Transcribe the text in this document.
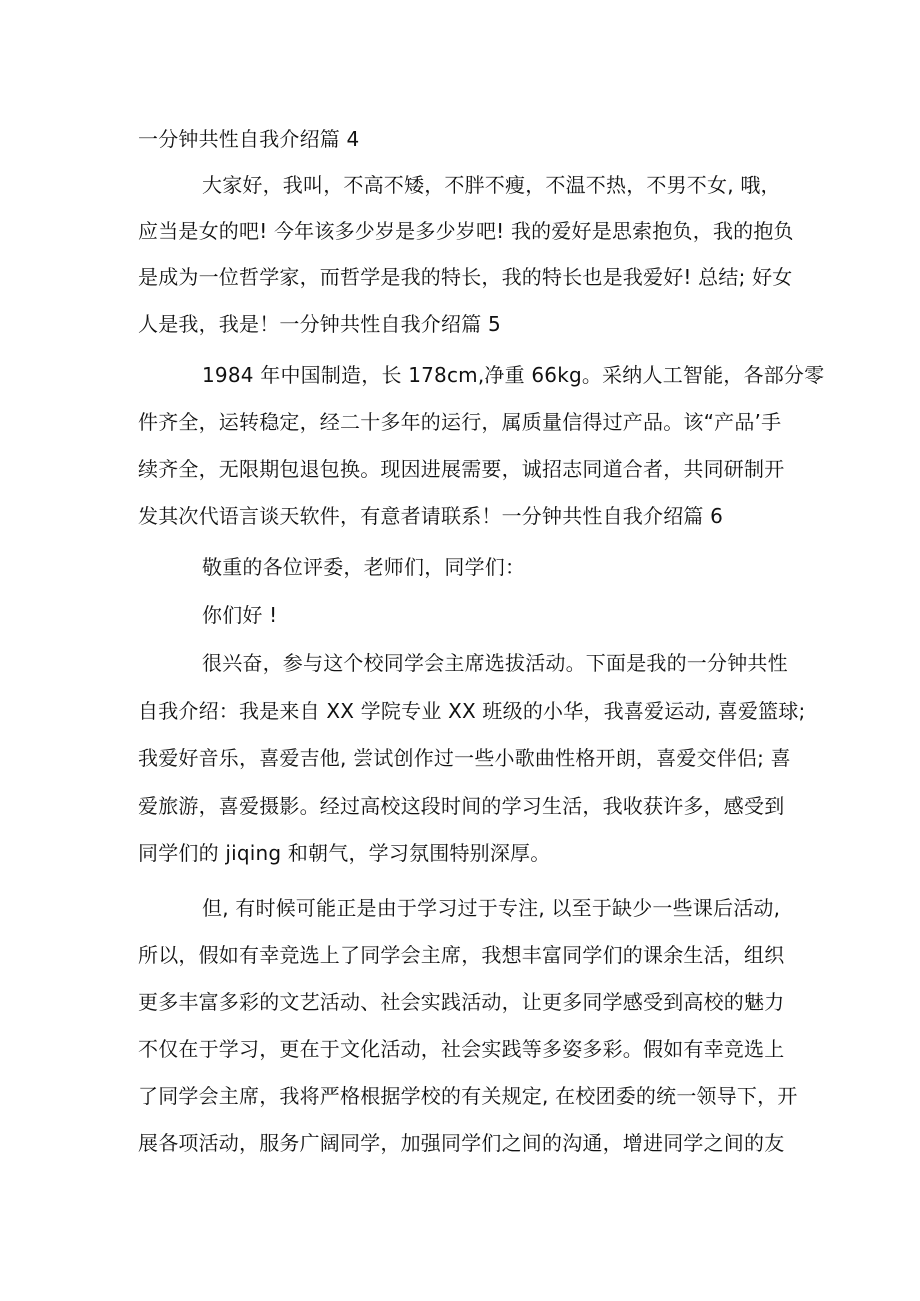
一分钟共性自我介绍篇 4
大家好，我叫，不高不矮，不胖不瘦，不温不热，不男不女, 哦，
应当是女的吧! 今年该多少岁是多少岁吧! 我的爱好是思索抱负，我的抱负
是成为一位哲学家，而哲学是我的特长，我的特长也是我爱好! 总结; 好女
人是我，我是！一分钟共性自我介绍篇 5
1984 年中国制造，长 178cm,净重 66kg。采纳人工智能，各部分零
件齐全，运转稳定，经二十多年的运行，属质量信得过产品。该“产品’手
续齐全，无限期包退包换。现因进展需要，诚招志同道合者，共同研制开
发其次代语言谈天软件，有意者请联系！一分钟共性自我介绍篇 6
敬重的各位评委，老师们，同学们：
你们好 !
很兴奋，参与这个校同学会主席选拔活动。下面是我的一分钟共性
自我介绍：我是来自 XX 学院专业 XX 班级的小华，我喜爱运动, 喜爱篮球;
我爱好音乐，喜爱吉他, 尝试创作过一些小歌曲性格开朗，喜爱交伴侣; 喜
爱旅游，喜爱摄影。经过高校这段时间的学习生活，我收获许多，感受到
同学们的 jiqing 和朝气，学习氛围特别深厚。
但, 有时候可能正是由于学习过于专注, 以至于缺少一些课后活动,
所以，假如有幸竞选上了同学会主席，我想丰富同学们的课余生活，组织
更多丰富多彩的文艺活动、社会实践活动，让更多同学感受到高校的魅力
不仅在于学习，更在于文化活动，社会实践等多姿多彩。假如有幸竞选上
了同学会主席，我将严格根据学校的有关规定, 在校团委的统一领导下，开
展各项活动，服务广阔同学，加强同学们之间的沟通，增进同学之间的友
